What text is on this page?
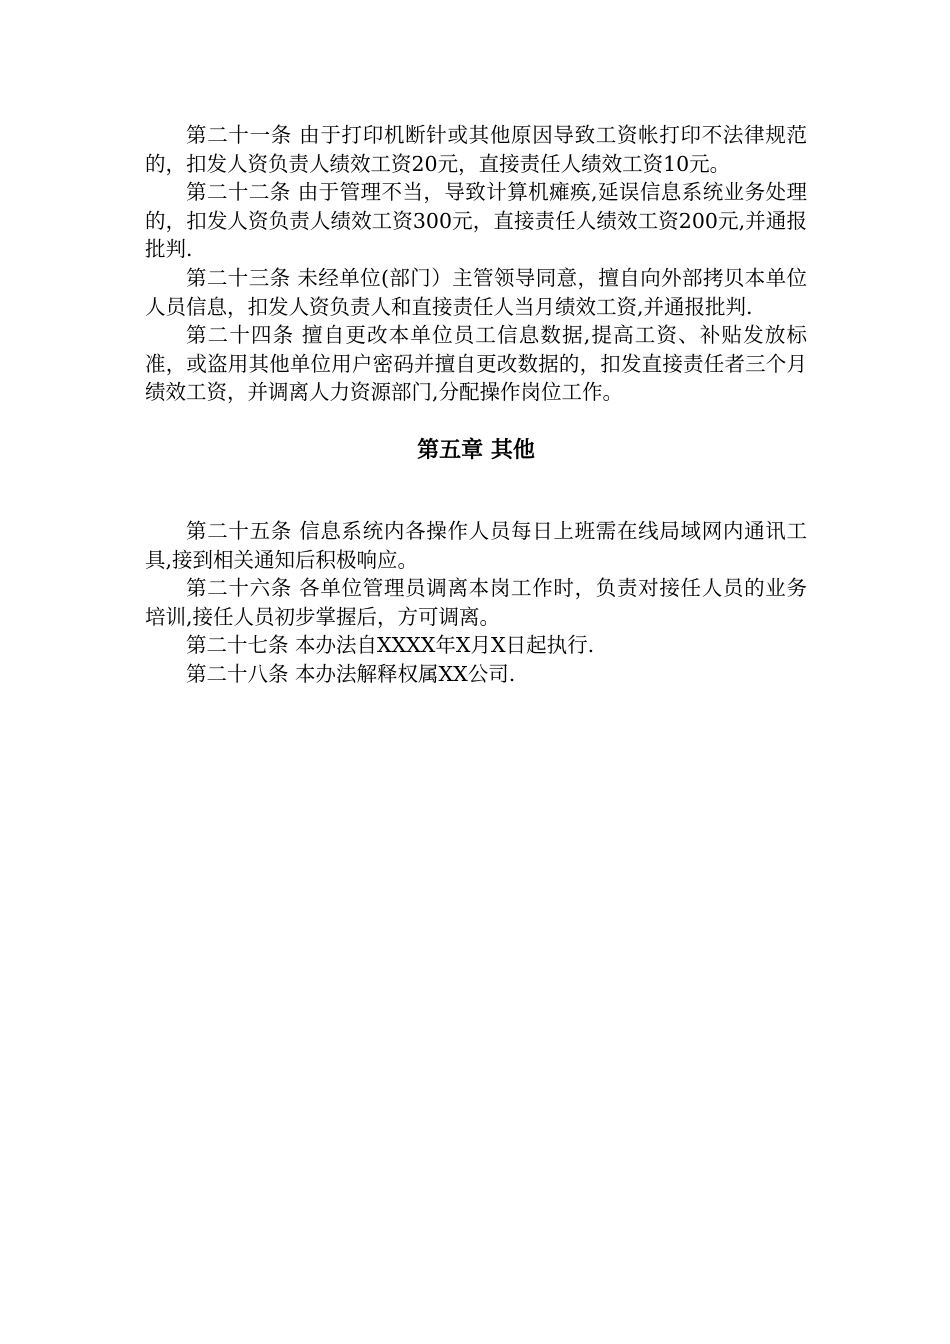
第二十一条 由于打印机断针或其他原因导致工资帐打印不法律规范的，扣发人资负责人绩效工资20元，直接责任人绩效工资10元。

第二十二条 由于管理不当，导致计算机瘫痪,延误信息系统业务处理的，扣发人资负责人绩效工资300元，直接责任人绩效工资200元,并通报批判.

第二十三条 未经单位(部门）主管领导同意，擅自向外部拷贝本单位人员信息，扣发人资负责人和直接责任人当月绩效工资,并通报批判.

第二十四条 擅自更改本单位员工信息数据,提高工资、补贴发放标准，或盗用其他单位用户密码并擅自更改数据的，扣发直接责任者三个月绩效工资，并调离人力资源部门,分配操作岗位工作。

第五章 其他

第二十五条 信息系统内各操作人员每日上班需在线局域网内通讯工具,接到相关通知后积极响应。

第二十六条 各单位管理员调离本岗工作时，负责对接任人员的业务培训,接任人员初步掌握后，方可调离。

第二十七条 本办法自XXXX年X月X日起执行.

第二十八条 本办法解释权属XX公司.
